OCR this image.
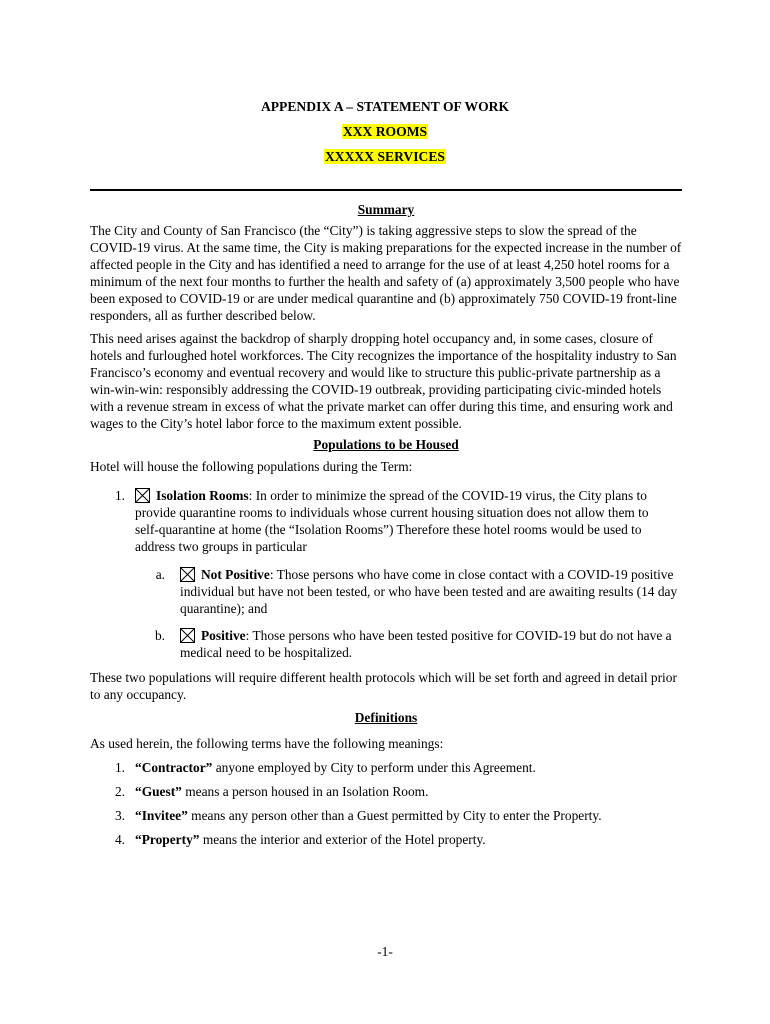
APPENDIX A – STATEMENT OF WORK
XXX ROOMS
XXXXX SERVICES
Summary

The City and County of San Francisco (the “City”) is taking aggressive steps to slow the spread of the COVID-19 virus. At the same time, the City is making preparations for the expected increase in the number of affected people in the City and has identified a need to arrange for the use of at least 4,250 hotel rooms for a minimum of the next four months to further the health and safety of (a) approximately 3,500 people who have been exposed to COVID-19 or are under medical quarantine and (b) approximately 750 COVID-19 front-line responders, all as further described below.

This need arises against the backdrop of sharply dropping hotel occupancy and, in some cases, closure of hotels and furloughed hotel workforces. The City recognizes the importance of the hospitality industry to San Francisco’s economy and eventual recovery and would like to structure this public-private partnership as a win-win-win: responsibly addressing the COVID-19 outbreak, providing participating civic-minded hotels with a revenue stream in excess of what the private market can offer during this time, and ensuring work and wages to the City’s hotel labor force to the maximum extent possible.

Populations to be Housed

Hotel will house the following populations during the Term:

1.	Isolation Rooms: In order to minimize the spread of the COVID-19 virus, the City plans to provide quarantine rooms to individuals whose current housing situation does not allow them to self-quarantine at home (the “Isolation Rooms”) Therefore these hotel rooms would be used to address two groups in particular
a.	Not Positive: Those persons who have come in close contact with a COVID-19 positive individual but have not been tested, or who have been tested and are awaiting results (14 day quarantine); and
b.	Positive: Those persons who have been tested positive for COVID-19 but do not have a medical need to be hospitalized.

These two populations will require different health protocols which will be set forth and agreed in detail prior to any occupancy.

Definitions

As used herein, the following terms have the following meanings:

1. “Contractor” anyone employed by City to perform under this Agreement.
2. “Guest” means a person housed in an Isolation Room.
3. “Invitee” means any person other than a Guest permitted by City to enter the Property.
4. “Property” means the interior and exterior of the Hotel property.
-1-
